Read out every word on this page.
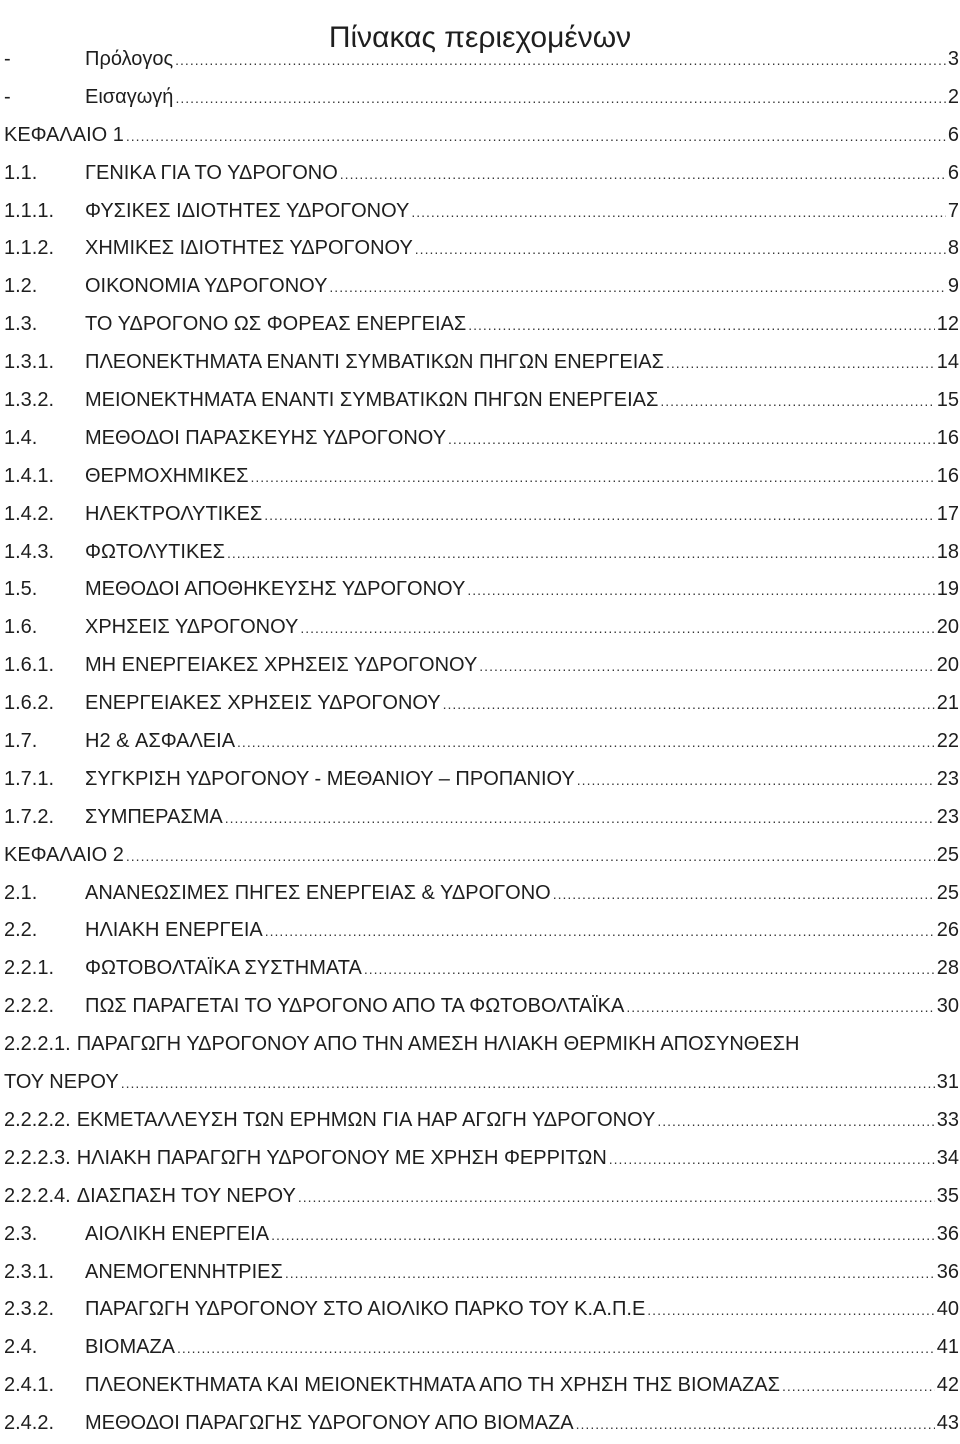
Πίνακας περιεχομένων
-	Πρόλογος .....	3
-	Εισαγωγή .....	2
ΚΕΦΑΛΑΙΟ 1 .....	6
1.1.	ΓΕΝΙΚΑ ΓΙΑ ΤΟ ΥΔΡΟΓΟΝΟ .....	6
1.1.1.	ΦΥΣΙΚΕΣ ΙΔΙΟΤΗΤΕΣ ΥΔΡΟΓΟΝΟΥ .....	7
1.1.2.	ΧΗΜΙΚΕΣ ΙΔΙΟΤΗΤΕΣ ΥΔΡΟΓΟΝΟΥ .....	8
1.2.	ΟΙΚΟΝΟΜΙΑ ΥΔΡΟΓΟΝΟΥ .....	9
1.3.	ΤΟ ΥΔΡΟΓΟΝΟ ΩΣ ΦΟΡΕΑΣ ΕΝΕΡΓΕΙΑΣ .....	12
1.3.1.	ΠΛΕΟΝΕΚΤΗΜΑΤΑ ΕΝΑΝΤΙ ΣΥΜΒΑΤΙΚΩΝ ΠΗΓΩΝ ΕΝΕΡΓΕΙΑΣ .....	14
1.3.2.	ΜΕΙΟΝΕΚΤΗΜΑΤΑ ΕΝΑΝΤΙ ΣΥΜΒΑΤΙΚΩΝ ΠΗΓΩΝ ΕΝΕΡΓΕΙΑΣ .....	15
1.4.	ΜΕΘΟΔΟΙ ΠΑΡΑΣΚΕΥΗΣ ΥΔΡΟΓΟΝΟΥ .....	16
1.4.1.	ΘΕΡΜΟΧΗΜΙΚΕΣ .....	16
1.4.2.	ΗΛΕΚΤΡΟΛΥΤΙΚΕΣ .....	17
1.4.3.	ΦΩΤΟΛΥΤΙΚΕΣ .....	18
1.5.	ΜΕΘΟΔΟΙ ΑΠΟΘΗΚΕΥΣΗΣ ΥΔΡΟΓΟΝΟΥ .....	19
1.6.	ΧΡΗΣΕΙΣ ΥΔΡΟΓΟΝΟΥ .....	20
1.6.1.	ΜΗ ΕΝΕΡΓΕΙΑΚΕΣ ΧΡΗΣΕΙΣ ΥΔΡΟΓΟΝΟΥ .....	20
1.6.2.	ΕΝΕΡΓΕΙΑΚΕΣ ΧΡΗΣΕΙΣ ΥΔΡΟΓΟΝΟΥ .....	21
1.7.	H2 & ΑΣΦΑΛΕΙΑ .....	22
1.7.1.	ΣΥΓΚΡΙΣΗ ΥΔΡΟΓΟΝΟΥ - ΜΕΘΑΝΙΟΥ – ΠΡΟΠΑΝΙΟΥ .....	23
1.7.2.	ΣΥΜΠΕΡΑΣΜΑ .....	23
ΚΕΦΑΛΑΙΟ 2 .....	25
2.1.	ΑΝΑΝΕΩΣΙΜΕΣ ΠΗΓΕΣ ΕΝΕΡΓΕΙΑΣ & ΥΔΡΟΓΟΝΟ .....	25
2.2.	ΗΛΙΑΚΗ ΕΝΕΡΓΕΙΑ .....	26
2.2.1.	ΦΩΤΟΒΟΛΤΑΪΚΑ ΣΥΣΤΗΜΑΤΑ .....	28
2.2.2.	ΠΩΣ ΠΑΡΑΓΕΤΑΙ ΤΟ ΥΔΡΟΓΟΝΟ ΑΠΟ ΤΑ ΦΩΤΟΒΟΛΤΑΪΚΑ .....	30
2.2.2.1. ΠΑΡΑΓΩΓΗ ΥΔΡΟΓΟΝΟΥ ΑΠΟ ΤΗΝ ΑΜΕΣΗ ΗΛΙΑΚΗ ΘΕΡΜΙΚΗ ΑΠΟΣΥΝΘΕΣΗ
ΤΟΥ ΝΕΡΟΥ .....	31
2.2.2.2. ΕΚΜΕΤΑΛΛΕΥΣΗ ΤΩΝ ΕΡΗΜΩΝ ΓΙΑ ΗΑΡ ΑΓΩΓΗ ΥΔΡΟΓΟΝΟΥ .....	33
2.2.2.3. ΗΛΙΑΚΗ ΠΑΡΑΓΩΓΗ ΥΔΡΟΓΟΝΟΥ ΜΕ ΧΡΗΣΗ ΦΕΡΡΙΤΩΝ .....	34
2.2.2.4. ΔΙΑΣΠΑΣΗ ΤΟΥ ΝΕΡΟΥ .....	35
2.3.	ΑΙΟΛΙΚΗ ΕΝΕΡΓΕΙΑ .....	36
2.3.1.	ΑΝΕΜΟΓΕΝΝΗΤΡΙΕΣ .....	36
2.3.2.	ΠΑΡΑΓΩΓΗ ΥΔΡΟΓΟΝΟΥ ΣΤΟ ΑΙΟΛΙΚΟ ΠΑΡΚΟ ΤΟΥ Κ.Α.Π.Ε .....	40
2.4.	ΒΙΟΜΑΖΑ .....	41
2.4.1.	ΠΛΕΟΝΕΚΤΗΜΑΤΑ ΚΑΙ ΜΕΙΟΝΕΚΤΗΜΑΤΑ ΑΠΟ ΤΗ ΧΡΗΣΗ ΤΗΣ ΒΙΟΜΑΖΑΣ .....	42
2.4.2.	ΜΕΘΟΔΟΙ ΠΑΡΑΓΩΓΗΣ ΥΔΡΟΓΟΝΟΥ ΑΠΟ ΒΙΟΜΑΖΑ .....	43
